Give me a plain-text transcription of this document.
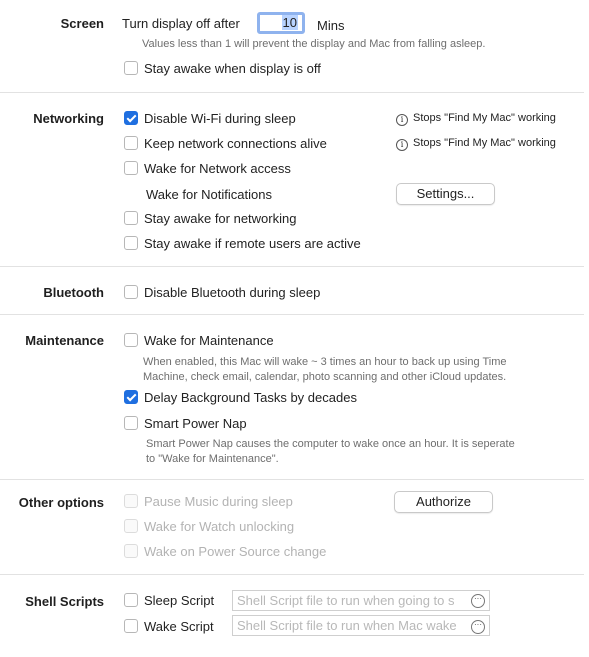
Screen Turn display off after	10	Mins
Values less than 1 will prevent the display and Mac from falling asleep.
Stay awake when display is off
Networking	Disable Wi-Fi during sleep	i Stops "Find My Mac" working
Keep network connections alive	i Stops "Find My Mac" working
Wake for Network access
Wake for Notifications	Settings...
Stay awake for networking
Stay awake if remote users are active
Bluetooth	Disable Bluetooth during sleep
Maintenance	Wake for Maintenance
When enabled, this Mac will wake ~ 3 times an hour to back up using Time
Machine, check email, calendar, photo scanning and other iCloud updates.
Delay Background Tasks by decades
Smart Power Nap
Smart Power Nap causes the computer to wake once an hour. It is seperate
to "Wake for Maintenance".
Other options	Pause Music during sleep	Authorize
Wake for Watch unlocking
Wake on Power Source change
Shell Scripts	Sleep Script	Shell Script file to run when going to s	···
Wake Script	Shell Script file to run when Mac wake	···
